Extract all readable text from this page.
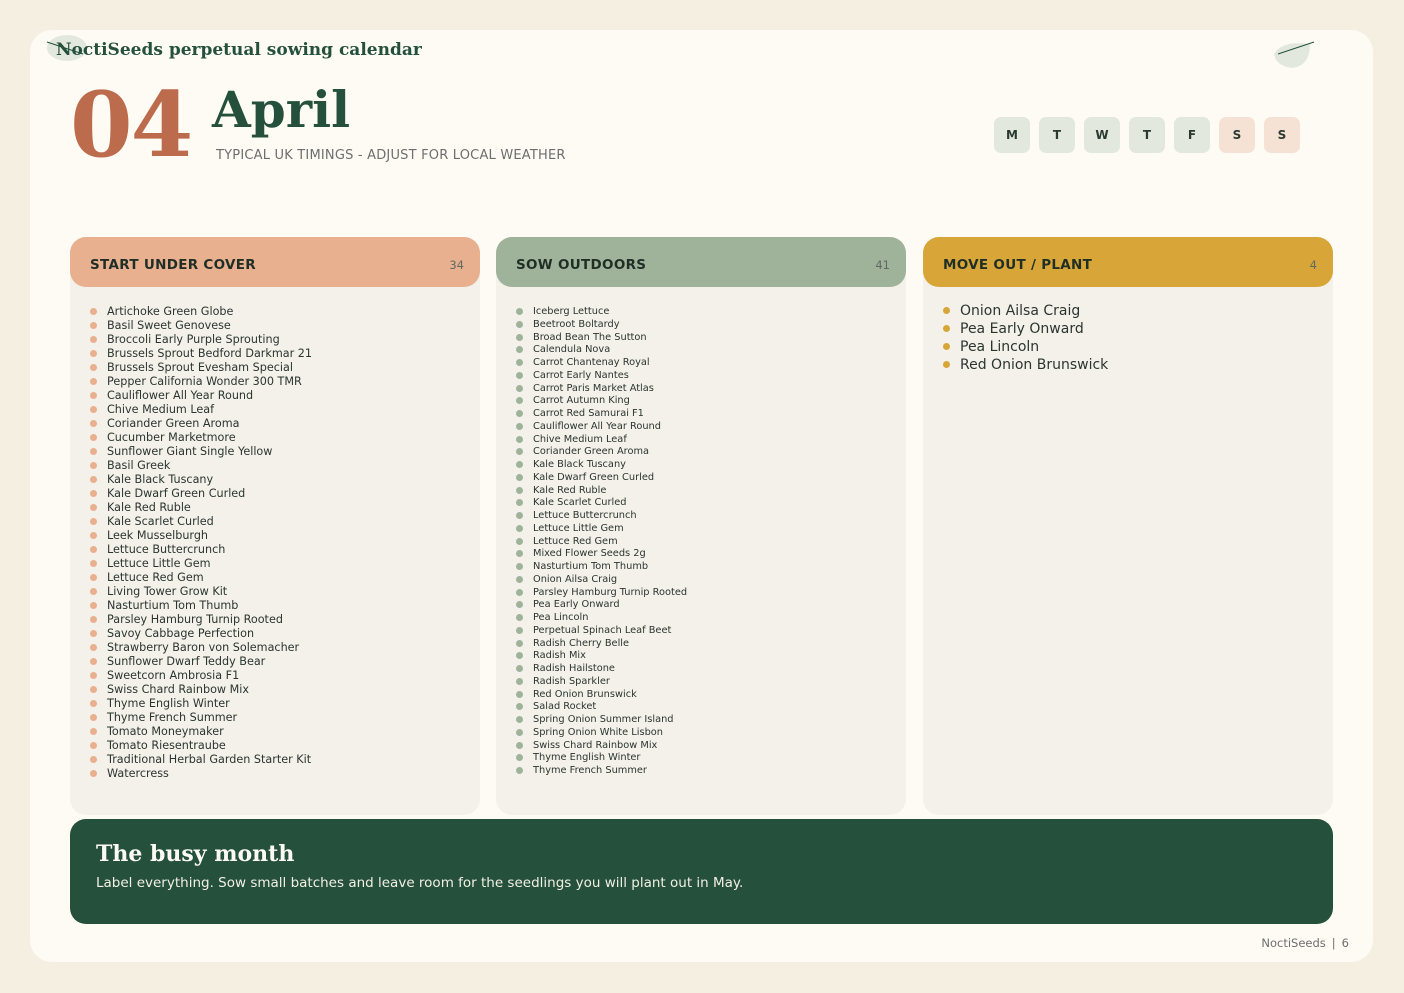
NoctiSeeds perpetual sowing calendar
04 April
TYPICAL UK TIMINGS - ADJUST FOR LOCAL WEATHER
M	T	W	T	F	S	S
START UNDER COVER	34
Artichoke Green Globe
Basil Sweet Genovese
Broccoli Early Purple Sprouting
Brussels Sprout Bedford Darkmar 21
Brussels Sprout Evesham Special
Pepper California Wonder 300 TMR
Cauliflower All Year Round
Chive Medium Leaf
Coriander Green Aroma
Cucumber Marketmore
Sunflower Giant Single Yellow
Basil Greek
Kale Black Tuscany
Kale Dwarf Green Curled
Kale Red Ruble
Kale Scarlet Curled
Leek Musselburgh
Lettuce Buttercrunch
Lettuce Little Gem
Lettuce Red Gem
Living Tower Grow Kit
Nasturtium Tom Thumb
Parsley Hamburg Turnip Rooted
Savoy Cabbage Perfection
Strawberry Baron von Solemacher
Sunflower Dwarf Teddy Bear
Sweetcorn Ambrosia F1
Swiss Chard Rainbow Mix
Thyme English Winter
Thyme French Summer
Tomato Moneymaker
Tomato Riesentraube
Traditional Herbal Garden Starter Kit
Watercress
SOW OUTDOORS	41
Iceberg Lettuce
Beetroot Boltardy
Broad Bean The Sutton
Calendula Nova
Carrot Chantenay Royal
Carrot Early Nantes
Carrot Paris Market Atlas
Carrot Autumn King
Carrot Red Samurai F1
Cauliflower All Year Round
Chive Medium Leaf
Coriander Green Aroma
Kale Black Tuscany
Kale Dwarf Green Curled
Kale Red Ruble
Kale Scarlet Curled
Lettuce Buttercrunch
Lettuce Little Gem
Lettuce Red Gem
Mixed Flower Seeds 2g
Nasturtium Tom Thumb
Onion Ailsa Craig
Parsley Hamburg Turnip Rooted
Pea Early Onward
Pea Lincoln
Perpetual Spinach Leaf Beet
Radish Cherry Belle
Radish Mix
Radish Hailstone
Radish Sparkler
Red Onion Brunswick
Salad Rocket
Spring Onion Summer Island
Spring Onion White Lisbon
Swiss Chard Rainbow Mix
Thyme English Winter
Thyme French Summer
MOVE OUT / PLANT	4
Onion Ailsa Craig
Pea Early Onward
Pea Lincoln
Red Onion Brunswick
The busy month
Label everything. Sow small batches and leave room for the seedlings you will plant out in May.
NoctiSeeds | 6
